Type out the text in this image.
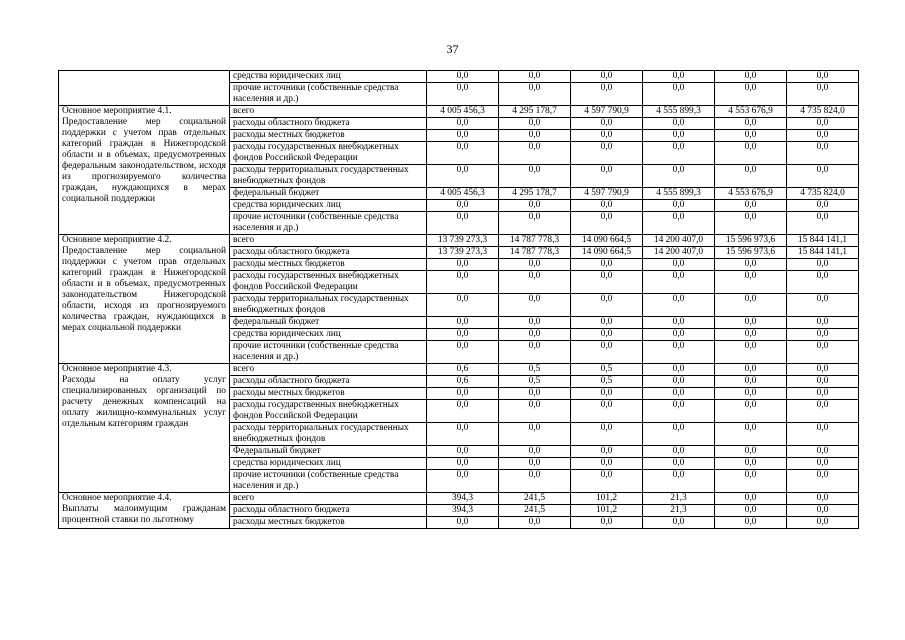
37
	средства юридических лиц	0,0	0,0	0,0	0,0	0,0	0,0
	прочие источники (собственные средства населения и др.)	0,0	0,0	0,0	0,0	0,0	0,0

Основное мероприятие 4.1.
Предоставление мер социальной поддержки с учетом прав отдельных категорий граждан в Нижегородской области и в объемах, предусмотренных федеральным законодательством, исходя из прогнозируемого количества граждан, нуждающихся в мерах социальной поддержки	всего	4 005 456,3	4 295 178,7	4 597 790,9	4 555 899,3	4 553 676,9	4 735 824,0
	расходы областного бюджета	0,0	0,0	0,0	0,0	0,0	0,0
	расходы местных бюджетов	0,0	0,0	0,0	0,0	0,0	0,0
	расходы государственных внебюджетных фондов Российской Федерации	0,0	0,0	0,0	0,0	0,0	0,0
	расходы территориальных государственных внебюджетных фондов	0,0	0,0	0,0	0,0	0,0	0,0
	федеральный бюджет	4 005 456,3	4 295 178,7	4 597 790,9	4 555 899,3	4 553 676,9	4 735 824,0
	средства юридических лиц	0,0	0,0	0,0	0,0	0,0	0,0
	прочие источники (собственные средства населения и др.)	0,0	0,0	0,0	0,0	0,0	0,0

Основное мероприятие 4.2.
Предоставление мер социальной поддержки с учетом прав отдельных категорий граждан в Нижегородской области и в объемах, предусмотренных законодательством Нижегородской области, исходя из прогнозируемого количества граждан, нуждающихся в мерах социальной поддержки	всего	13 739 273,3	14 787 778,3	14 090 664,5	14 200 407,0	15 596 973,6	15 844 141,1
	расходы областного бюджета	13 739 273,3	14 787 778,3	14 090 664,5	14 200 407,0	15 596 973,6	15 844 141,1
	расходы местных бюджетов	0,0	0,0	0,0	0,0	0,0	0,0
	расходы государственных внебюджетных фондов Российской Федерации	0,0	0,0	0,0	0,0	0,0	0,0
	расходы территориальных государственных внебюджетных фондов	0,0	0,0	0,0	0,0	0,0	0,0
	федеральный бюджет	0,0	0,0	0,0	0,0	0,0	0,0
	средства юридических лиц	0,0	0,0	0,0	0,0	0,0	0,0
	прочие источники (собственные средства населения и др.)	0,0	0,0	0,0	0,0	0,0	0,0

Основное мероприятие 4.3.
Расходы на оплату услуг специализированных организаций по расчету денежных компенсаций на оплату жилищно-коммунальных услуг отдельным категориям граждан	всего	0,6	0,5	0,5	0,0	0,0	0,0
	расходы областного бюджета	0,6	0,5	0,5	0,0	0,0	0,0
	расходы местных бюджетов	0,0	0,0	0,0	0,0	0,0	0,0
	расходы государственных внебюджетных фондов Российской Федерации	0,0	0,0	0,0	0,0	0,0	0,0
	расходы территориальных государственных внебюджетных фондов	0,0	0,0	0,0	0,0	0,0	0,0
	Федеральный бюджет	0,0	0,0	0,0	0,0	0,0	0,0
	средства юридических лиц	0,0	0,0	0,0	0,0	0,0	0,0
	прочие источники (собственные средства населения и др.)	0,0	0,0	0,0	0,0	0,0	0,0

Основное мероприятие 4.4.
Выплаты малоимущим гражданам процентной ставки по льготному	всего	394,3	241,5	101,2	21,3	0,0	0,0
	расходы областного бюджета	394,3	241,5	101,2	21,3	0,0	0,0
	расходы местных бюджетов	0,0	0,0	0,0	0,0	0,0	0,0
